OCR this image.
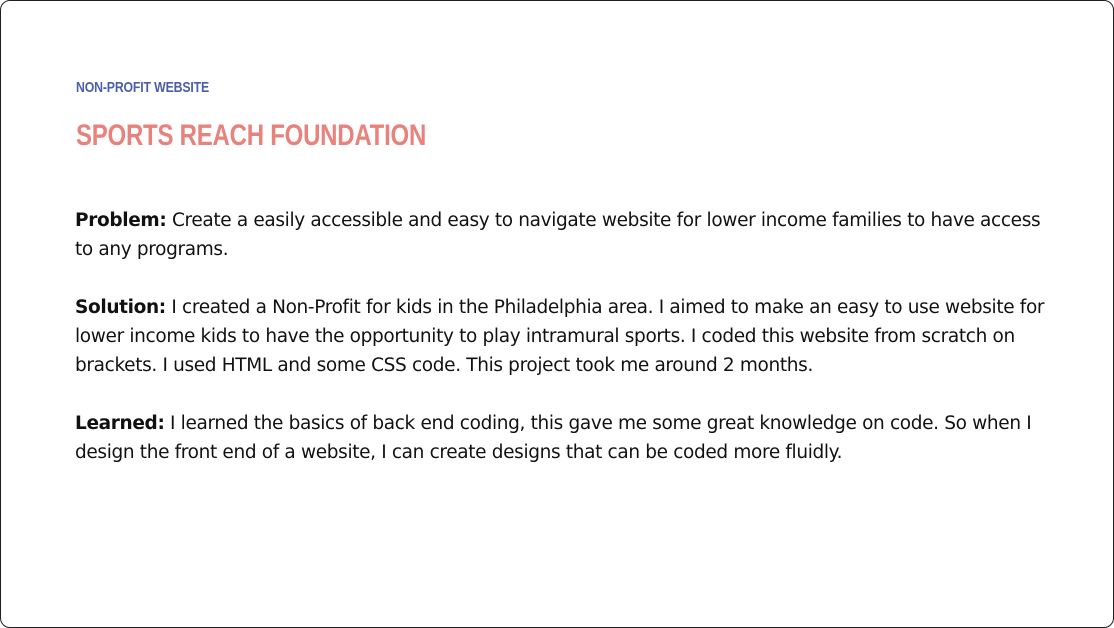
NON-PROFIT WEBSITE
SPORTS REACH FOUNDATION

Problem: Create a easily accessible and easy to navigate website for lower income families to have access to any programs.

Solution: I created a Non-Profit for kids in the Philadelphia area. I aimed to make an easy to use website for lower income kids to have the opportunity to play intramural sports. I coded this website from scratch on brackets. I used HTML and some CSS code. This project took me around 2 months.

Learned: I learned the basics of back end coding, this gave me some great knowledge on code. So when I design the front end of a website, I can create designs that can be coded more fluidly.
